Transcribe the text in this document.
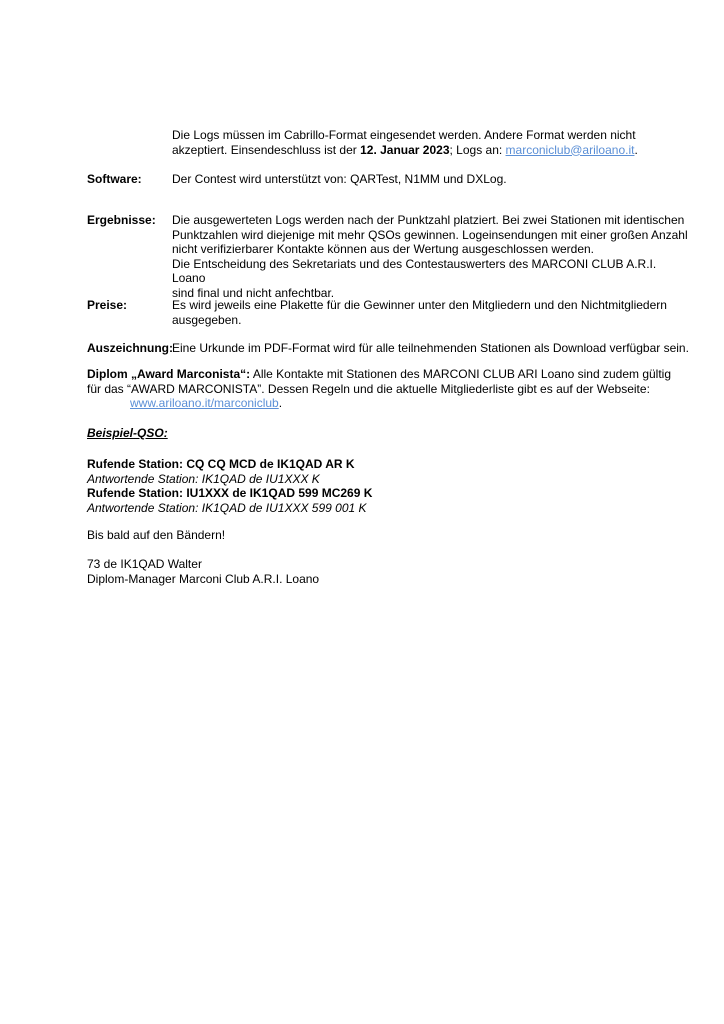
Die Logs müssen im Cabrillo-Format eingesendet werden. Andere Format werden nicht
akzeptiert. Einsendeschluss ist der 12. Januar 2023; Logs an: marconiclub@ariloano.it.
Software:	Der Contest wird unterstützt von: QARTest, N1MM und DXLog.
Ergebnisse: Die ausgewerteten Logs werden nach der Punktzahl platziert. Bei zwei Stationen mit identischen
Punktzahlen wird diejenige mit mehr QSOs gewinnen. Logeinsendungen mit einer großen Anzahl
nicht verifizierbarer Kontakte können aus der Wertung ausgeschlossen werden.
Die Entscheidung des Sekretariats und des Contestauswerters des MARCONI CLUB A.R.I. Loano
sind final und nicht anfechtbar.
Preise:	Es wird jeweils eine Plakette für die Gewinner unter den Mitgliedern und den Nichtmitgliedern
ausgegeben.
Auszeichnung: Eine Urkunde im PDF-Format wird für alle teilnehmenden Stationen als Download verfügbar sein.
Diplom „Award Marconista“: Alle Kontakte mit Stationen des MARCONI CLUB ARI Loano sind zudem gültig
für das “AWARD MARCONISTA”. Dessen Regeln und die aktuelle Mitgliederliste gibt es auf der Webseite:
www.ariloano.it/marconiclub.
Beispiel-QSO:
Rufende Station: CQ CQ MCD de IK1QAD AR K
Antwortende Station: IK1QAD de IU1XXX K
Rufende Station: IU1XXX de IK1QAD 599 MC269 K
Antwortende Station: IK1QAD de IU1XXX 599 001 K
Bis bald auf den Bändern!
73 de IK1QAD Walter
Diplom-Manager Marconi Club A.R.I. Loano
